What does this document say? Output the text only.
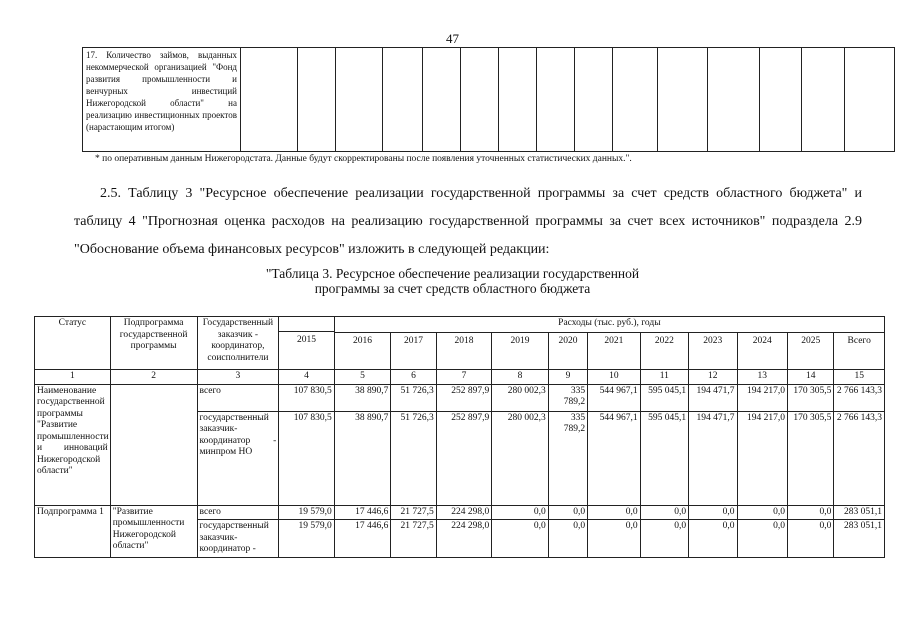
47
17. Количество займов, выданных некоммерческой организацией "Фонд развития промышленности и венчурных инвестиций Нижегородской области" на реализацию инвестиционных проектов (нарастающим итогом)															
* по оперативным данным Нижегородстата. Данные будут скорректированы после появления уточненных статистических данных.".

2.5. Таблицу 3 "Ресурсное обеспечение реализации государственной программы за счет средств областного бюджета" и таблицу 4 "Прогнозная оценка расходов на реализацию государственной программы за счет всех источников" подраздела 2.9 "Обоснование объема финансовых ресурсов" изложить в следующей редакции:

"Таблица 3. Ресурсное обеспечение реализации государственной
программы за счет средств областного бюджета
Статус	Подпрограмма государственной программы	Государственный заказчик - координатор, соисполнители	2015	Расходы (тыс. руб.), годы										
				2016	2017	2018	2019	2020	2021	2022	2023	2024	2025	Всего
1	2	3	4	5	6	7	8	9	10	11	12	13	14	15
Наименование государственной программы "Развитие промышленности и инноваций Нижегородской области"		всего	107 830,5	38 890,7	51 726,3	252 897,9	280 002,3	335 789,2	544 967,1	595 045,1	194 471,7	194 217,0	170 305,5	2 766 143,3
		государственный заказчик-координатор - минпром НО	107 830,5	38 890,7	51 726,3	252 897,9	280 002,3	335 789,2	544 967,1	595 045,1	194 471,7	194 217,0	170 305,5	2 766 143,3
Подпрограмма 1	"Развитие промышленности Нижегородской области"	всего	19 579,0	17 446,6	21 727,5	224 298,0	0,0	0,0	0,0	0,0	0,0	0,0	0,0	283 051,1
		государственный заказчик-координатор -	19 579,0	17 446,6	21 727,5	224 298,0	0,0	0,0	0,0	0,0	0,0	0,0	0,0	283 051,1
